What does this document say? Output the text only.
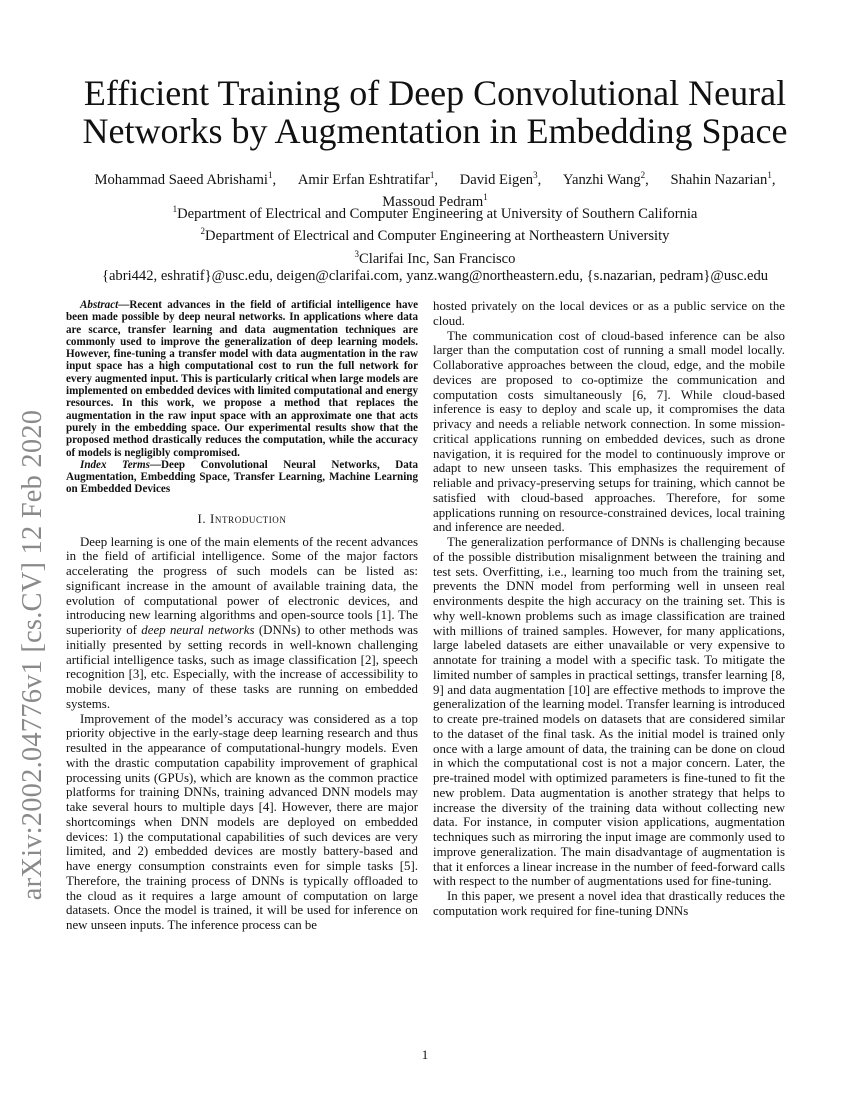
arXiv:2002.04776v1 [cs.CV] 12 Feb 2020
Efficient Training of Deep Convolutional Neural Networks by Augmentation in Embedding Space
Mohammad Saeed Abrishami$^1$, Amir Erfan Eshtratifar$^1$, David Eigen$^3$, Yanzhi Wang$^2$, Shahin Nazarian$^1$, Massoud Pedram$^1$
$^1$Department of Electrical and Computer Engineering at University of Southern California
$^2$Department of Electrical and Computer Engineering at Northeastern University
$^3$Clarifai Inc, San Francisco
{abri442, eshratif}@usc.edu, deigen@clarifai.com, yanz.wang@northeastern.edu, {s.nazarian, pedram}@usc.edu

Abstract—Recent advances in the field of artificial intelligence have been made possible by deep neural networks. In applications where data are scarce, transfer learning and data augmentation techniques are commonly used to improve the generalization of deep learning models. However, fine-tuning a transfer model with data augmentation in the raw input space has a high computational cost to run the full network for every augmented input. This is particularly critical when large models are implemented on embedded devices with limited computational and energy resources. In this work, we propose a method that replaces the augmentation in the raw input space with an approximate one that acts purely in the embedding space. Our experimental results show that the proposed method drastically reduces the computation, while the accuracy of models is negligibly compromised.

Index Terms—Deep Convolutional Neural Networks, Data Augmentation, Embedding Space, Transfer Learning, Machine Learning on Embedded Devices

I. Introduction

Deep learning is one of the main elements of the recent advances in the field of artificial intelligence. Some of the major factors accelerating the progress of such models can be listed as: significant increase in the amount of available training data, the evolution of computational power of electronic devices, and introducing new learning algorithms and open-source tools [1]. The superiority of deep neural networks (DNNs) to other methods was initially presented by setting records in well-known challenging artificial intelligence tasks, such as image classification [2], speech recognition [3], etc. Especially, with the increase of accessibility to mobile devices, many of these tasks are running on embedded systems.

Improvement of the model’s accuracy was considered as a top priority objective in the early-stage deep learning research and thus resulted in the appearance of computational-hungry models. Even with the drastic computation capability improvement of graphical processing units (GPUs), which are known as the common practice platforms for training DNNs, training advanced DNN models may take several hours to multiple days [4]. However, there are major shortcomings when DNN models are deployed on embedded devices: 1) the computational capabilities of such devices are very limited, and 2) embedded devices are mostly battery-based and have energy consumption constraints even for simple tasks [5]. Therefore, the training process of DNNs is typically offloaded to the cloud as it requires a large amount of computation on large datasets. Once the model is trained, it will be used for inference on new unseen inputs. The inference process can be

hosted privately on the local devices or as a public service on the cloud.

The communication cost of cloud-based inference can be also larger than the computation cost of running a small model locally. Collaborative approaches between the cloud, edge, and the mobile devices are proposed to co-optimize the communication and computation costs simultaneously [6, 7]. While cloud-based inference is easy to deploy and scale up, it compromises the data privacy and needs a reliable network connection. In some mission-critical applications running on embedded devices, such as drone navigation, it is required for the model to continuously improve or adapt to new unseen tasks. This emphasizes the requirement of reliable and privacy-preserving setups for training, which cannot be satisfied with cloud-based approaches. Therefore, for some applications running on resource-constrained devices, local training and inference are needed.

The generalization performance of DNNs is challenging because of the possible distribution misalignment between the training and test sets. Overfitting, i.e., learning too much from the training set, prevents the DNN model from performing well in unseen real environments despite the high accuracy on the training set. This is why well-known problems such as image classification are trained with millions of trained samples. However, for many applications, large labeled datasets are either unavailable or very expensive to annotate for training a model with a specific task. To mitigate the limited number of samples in practical settings, transfer learning [8, 9] and data augmentation [10] are effective methods to improve the generalization of the learning model. Transfer learning is introduced to create pre-trained models on datasets that are considered similar to the dataset of the final task. As the initial model is trained only once with a large amount of data, the training can be done on cloud in which the computational cost is not a major concern. Later, the pre-trained model with optimized parameters is fine-tuned to fit the new problem. Data augmentation is another strategy that helps to increase the diversity of the training data without collecting new data. For instance, in computer vision applications, augmentation techniques such as mirroring the input image are commonly used to improve generalization. The main disadvantage of augmentation is that it enforces a linear increase in the number of feed-forward calls with respect to the number of augmentations used for fine-tuning.

In this paper, we present a novel idea that drastically reduces the computation work required for fine-tuning DNNs

1
